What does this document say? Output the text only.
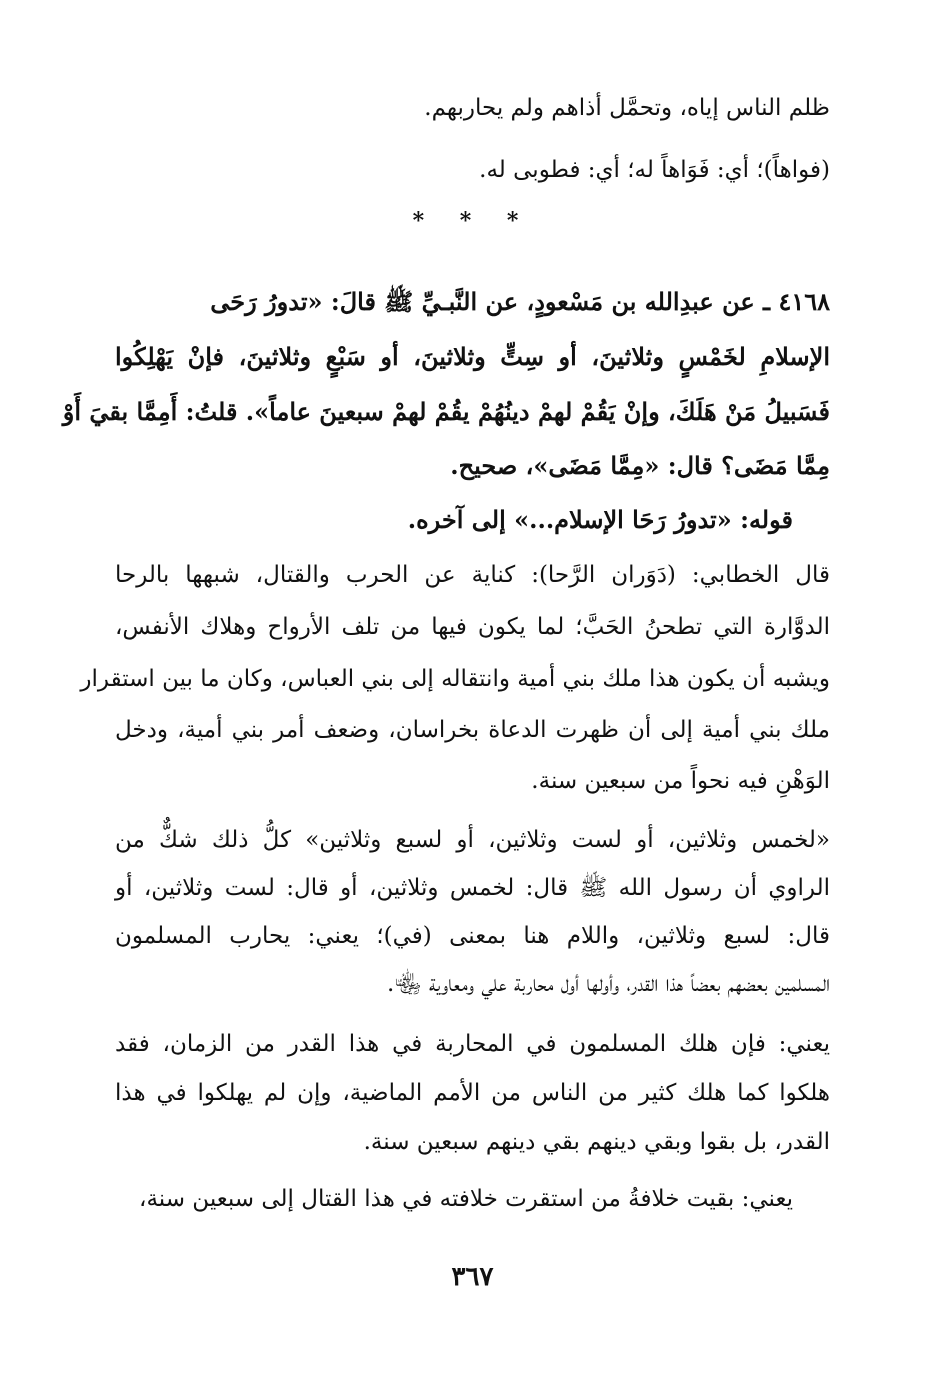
ظلم الناس إياه، وتحمَّل أذاهم ولم يحاربهم.
(فواهاً)؛ أي: فَوَاهاً له؛ أي: فطوبى له.
* * *
٤١٦٨ ـ عن عبدِالله بن مَسْعودٍ، عن النَّبـيِّ ﷺ قالَ: «تدورُ رَحَى
الإسلامِ لخَمْسٍ وثلاثينَ، أو سِتٍّ وثلاثينَ، أو سَبْعٍ وثلاثينَ، فإنْ يَهْلِكُوا
فَسَبيلُ مَنْ هَلَكَ، وإنْ يَقُمْ لهمْ دينُهُمْ يقُمْ لهمْ سبعينَ عاماً». قلتُ: أَمِمَّا بقيَ أَوْ
مِمَّا مَضَى؟ قال: «مِمَّا مَضَى»، صحيح.
قوله: «تدورُ رَحَا الإسلام...» إلى آخره.
قال الخطابي: (دَوَران الرَّحا): كناية عن الحرب والقتال، شبهها بالرحا
الدوَّارة التي تطحنُ الحَبَّ؛ لما يكون فيها من تلف الأرواح وهلاك الأنفس،
ويشبه أن يكون هذا ملك بني أمية وانتقاله إلى بني العباس، وكان ما بين استقرار
ملك بني أمية إلى أن ظهرت الدعاة بخراسان، وضعف أمر بني أمية، ودخل
الوَهْنِ فيه نحواً من سبعين سنة.
«لخمس وثلاثين، أو لست وثلاثين، أو لسبع وثلاثين» كلُّ ذلك شكٌّ من
الراوي أن رسول الله ﷺ قال: لخمس وثلاثين، أو قال: لست وثلاثين، أو
قال: لسبع وثلاثين، واللام هنا بمعنى (في)؛ يعني: يحارب المسلمون
المسلمين بعضهم بعضاً هذا القدر، وأولها أول محاربة علي ومعاوية ﵄.
يعني: فإن هلك المسلمون في المحاربة في هذا القدر من الزمان، فقد
هلكوا كما هلك كثير من الناس من الأمم الماضية، وإن لم يهلكوا في هذا
القدر، بل بقوا وبقي دينهم بقي دينهم سبعين سنة.
يعني: بقيت خلافةُ من استقرت خلافته في هذا القتال إلى سبعين سنة،
٣٦٧
